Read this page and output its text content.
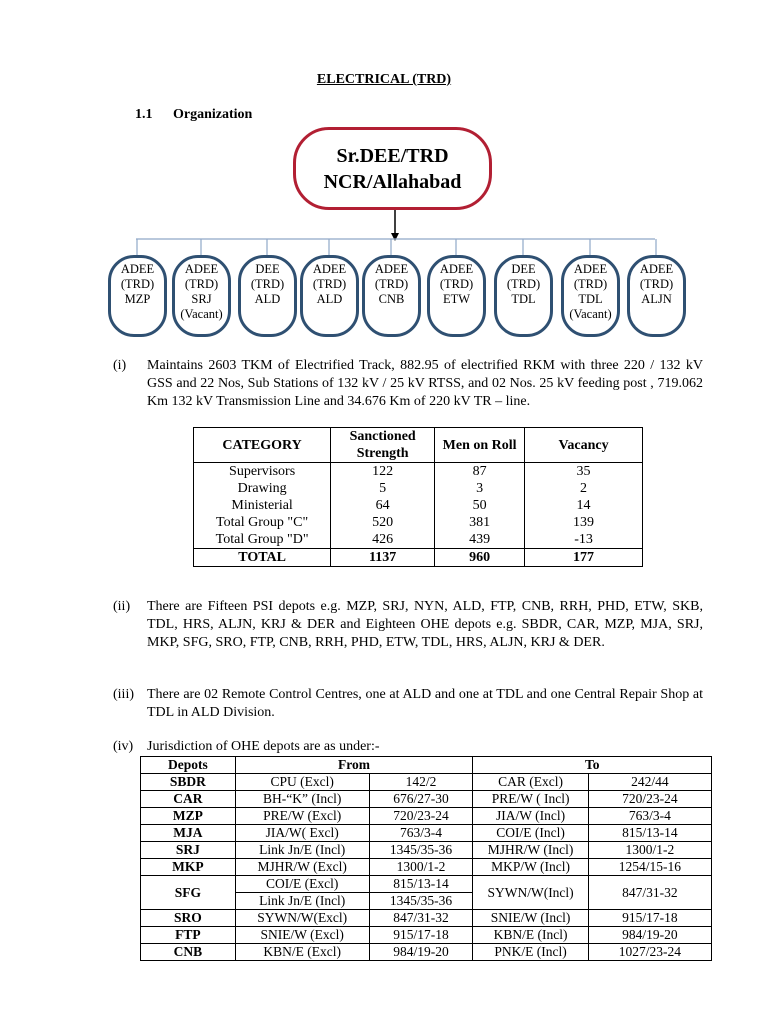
ELECTRICAL (TRD)
1.1 Organization
Sr.DEE/TRD
NCR/Allahabad
ADEE
(TRD)
MZP
ADEE
(TRD)
SRJ
(Vacant)
DEE
(TRD)
ALD
ADEE
(TRD)
ALD
ADEE
(TRD)
CNB
ADEE
(TRD)
ETW
DEE
(TRD)
TDL
ADEE
(TRD)
TDL
(Vacant)
ADEE
(TRD)
ALJN
(i) Maintains 2603 TKM of Electrified Track, 882.95 of electrified RKM with three 220 / 132 kV GSS and 22 Nos, Sub Stations of 132 kV / 25 kV RTSS, and 02 Nos. 25 kV feeding post , 719.062 Km 132 kV Transmission Line and 34.676 Km of 220 kV TR – line.
CATEGORY	Sanctioned Strength	Men on Roll	Vacancy
Supervisors	122	87	35
Drawing	5	3	2
Ministerial	64	50	14
Total Group "C"	520	381	139
Total Group "D"	426	439	-13
TOTAL	1137	960	177
(ii) There are Fifteen PSI depots e.g. MZP, SRJ, NYN, ALD, FTP, CNB, RRH, PHD, ETW, SKB, TDL, HRS, ALJN, KRJ & DER and Eighteen OHE depots e.g. SBDR, CAR, MZP, MJA, SRJ, MKP, SFG, SRO, FTP, CNB, RRH, PHD, ETW, TDL, HRS, ALJN, KRJ & DER.
(iii) There are 02 Remote Control Centres, one at ALD and one at TDL and one Central Repair Shop at TDL in ALD Division.
(iv) Jurisdiction of OHE depots are as under:-
Depots	From		To	
SBDR	CPU (Excl)	142/2	CAR (Excl)	242/44
CAR	BH-“K” (Incl)	676/27-30	PRE/W ( Incl)	720/23-24
MZP	PRE/W (Excl)	720/23-24	JIA/W (Incl)	763/3-4
MJA	JIA/W( Excl)	763/3-4	COI/E (Incl)	815/13-14
SRJ	Link Jn/E (Incl)	1345/35-36	MJHR/W (Incl)	1300/1-2
MKP	MJHR/W (Excl)	1300/1-2	MKP/W (Incl)	1254/15-16
SFG	COI/E (Excl)	815/13-14	SYWN/W(Incl)	847/31-32
	Link Jn/E (Incl)	1345/35-36		
SRO	SYWN/W(Excl)	847/31-32	SNIE/W (Incl)	915/17-18
FTP	SNIE/W (Excl)	915/17-18	KBN/E (Incl)	984/19-20
CNB	KBN/E (Excl)	984/19-20	PNK/E (Incl)	1027/23-24
